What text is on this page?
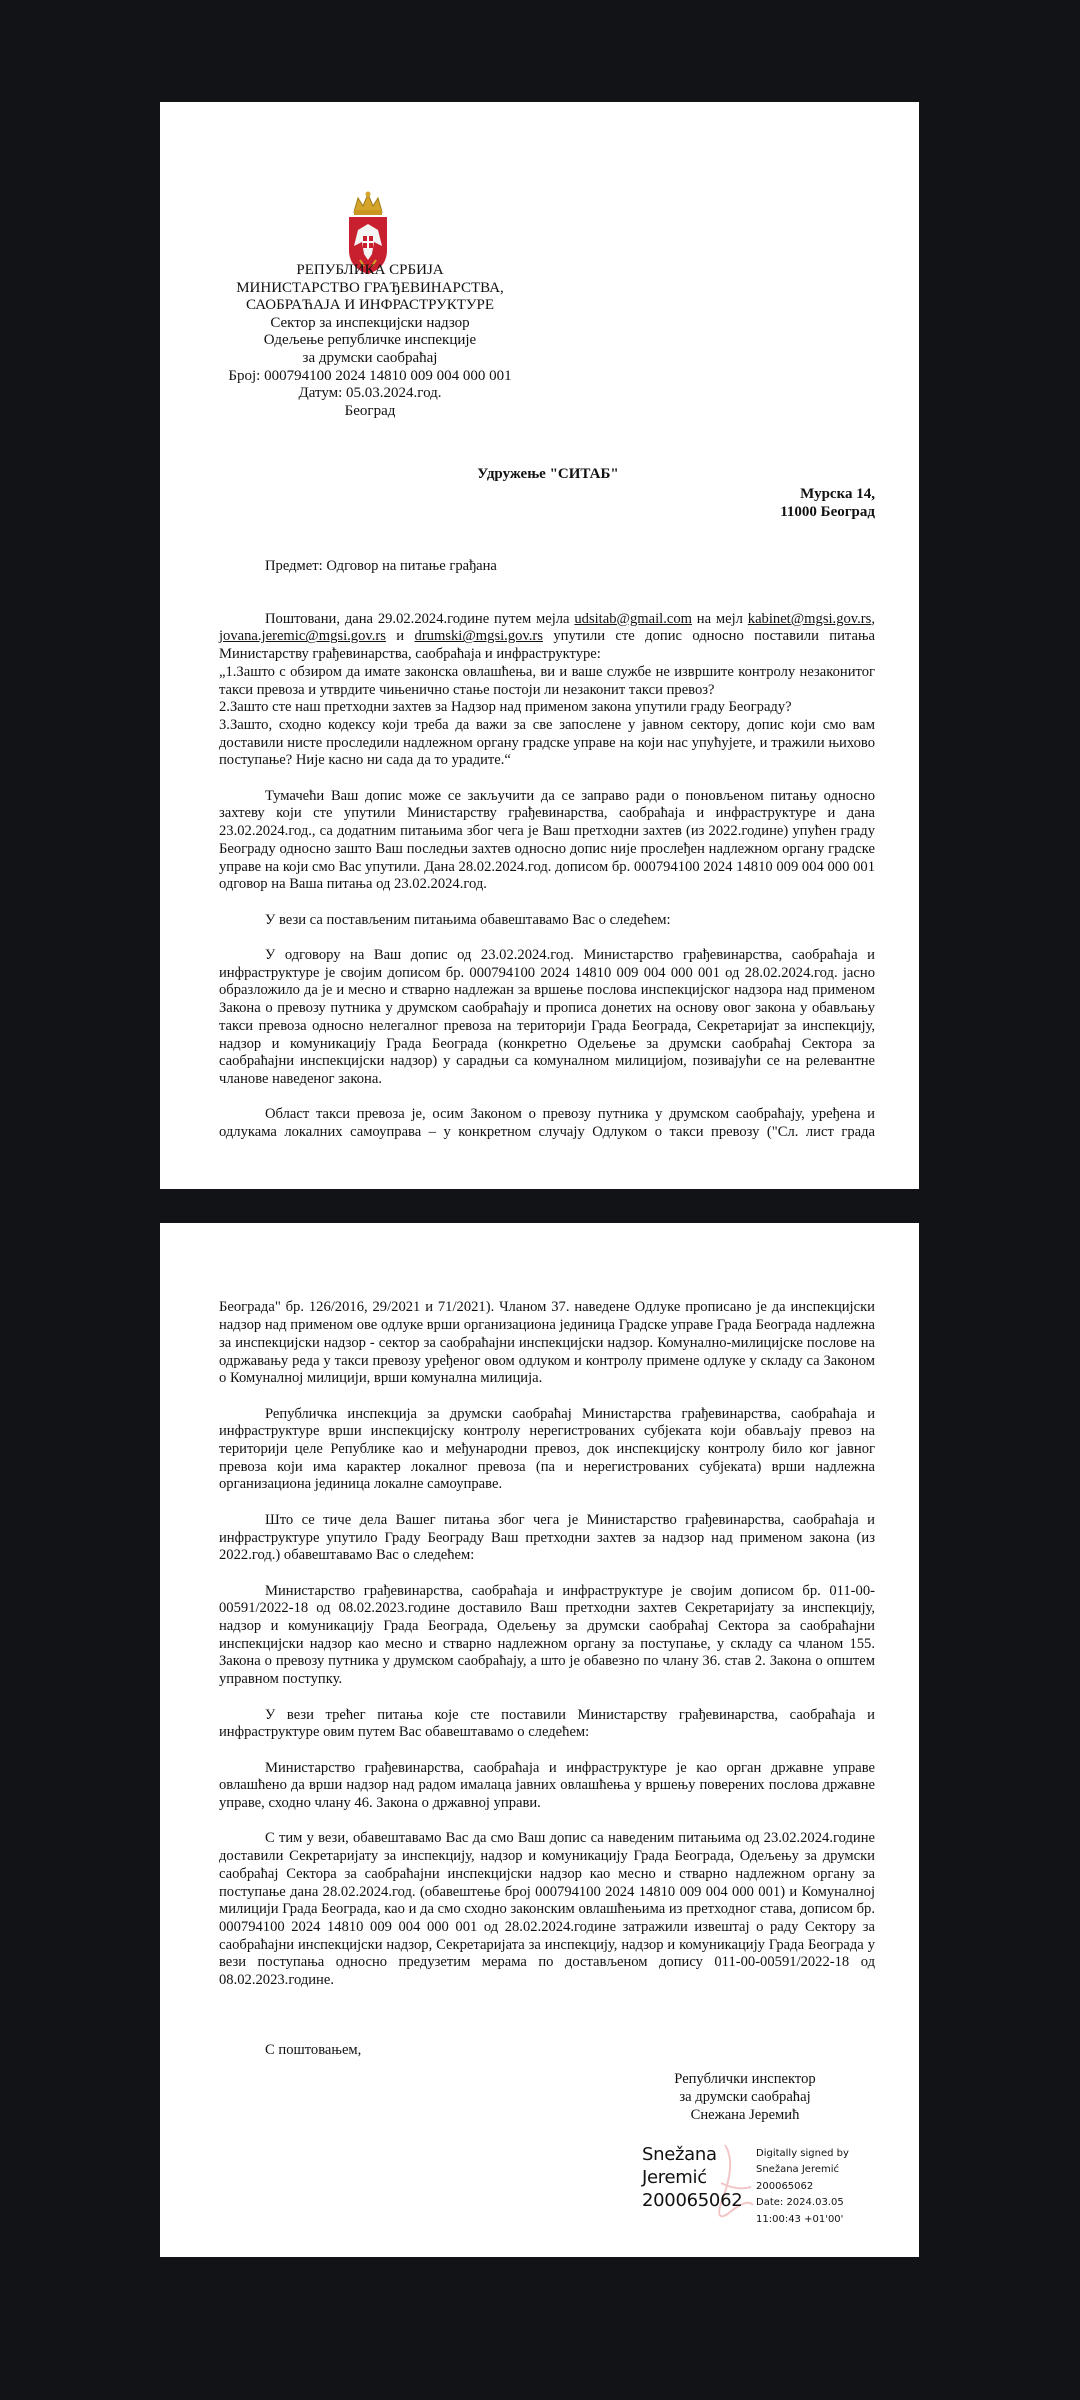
РЕПУБЛИКА СРБИЈА
МИНИСТАРСТВО ГРАЂЕВИНАРСТВА,
САОБРАЋАЈА И ИНФРАСТРУКТУРЕ
Сектор за инспекцијски надзор
Одељење републичке инспекције
за друмски саобраћај
Број: 000794100 2024 14810 009 004 000 001
Датум: 05.03.2024.год.
Београд
Удружење "СИТАБ"
Мурска 14,
11000 Београд

Предмет: Одговор на питање грађана

Поштовани, дана 29.02.2024.године путем мејла udsitab@gmail.com на мејл kabinet@mgsi.gov.rs, jovana.jeremic@mgsi.gov.rs и drumski@mgsi.gov.rs упутили сте допис односно поставили питања Министарству грађевинарства, саобраћаја и инфраструктуре:

„1.Зашто с обзиром да имате законска овлашћења, ви и ваше службе не извршите контролу незаконитог такси превоза и утврдите чињенично стање постоји ли незаконит такси превоз?
2.Зашто сте наш претходни захтев за Надзор над применом закона упутили граду Београду?
3.Зашто, сходно кодексу који треба да важи за све запослене у јавном сектору, допис који смо вам доставили нисте проследили надлежном органу градске управе на који нас упућујете, и тражили њихово поступање? Није касно ни сада да то урадите.“

Тумачећи Ваш допис може се закључити да се заправо ради о поновљеном питању односно захтеву који сте упутили Министарству грађевинарства, саобраћаја и инфраструктуре и дана 23.02.2024.год., са додатним питањима због чега је Ваш претходни захтев (из 2022.године) упућен граду Београду односно зашто Ваш последњи захтев односно допис није прослеђен надлежном органу градске управе на који смо Вас упутили. Дана 28.02.2024.год. дописом бр. 000794100 2024 14810 009 004 000 001 одговор на Ваша питања од 23.02.2024.год.

У вези са постављеним питањима обавештавамо Вас о следећем:

У одговору на Ваш допис од 23.02.2024.год. Министарство грађевинарства, саобраћаја и инфраструктуре је својим дописом бр. 000794100 2024 14810 009 004 000 001 од 28.02.2024.год. јасно образложило да је и месно и стварно надлежан за вршење послова инспекцијског надзора над применом Закона о превозу путника у друмском саобраћају и прописа донетих на основу овог закона у обављању такси превоза односно нелегалног превоза на територији Града Београда, Секретаријат за инспекцију, надзор и комуникацију Града Београда (конкретно Одељење за друмски саобраћај Сектора за саобраћајни инспекцијски надзор) у сарадњи са комуналном милицијом, позивајући се на релевантне чланове наведеног закона.

Област такси превоза је, осим Законом о превозу путника у друмском саобраћају, уређена и одлукама локалних самоуправа – у конкретном случају Одлуком о такси превозу ("Сл. лист града

Београда" бр. 126/2016, 29/2021 и 71/2021). Чланом 37. наведене Одлуке прописано је да инспекцијски надзор над применом ове одлуке врши организациона јединица Градске управе Града Београда надлежна за инспекцијски надзор - сектор за саобраћајни инспекцијски надзор. Комунално-милицијске послове на одржавању реда у такси превозу уређеног овом одлуком и контролу примене одлуке у складу са Законом о Комуналној милицији, врши комунална милиција.

Републичка инспекција за друмски саобраћај Министарства грађевинарства, саобраћаја и инфраструктуре врши инспекцијску контролу нерегистрованих субјеката који обављају превоз на територији целе Републике као и међународни превоз, док инспекцијску контролу било ког јавног превоза који има карактер локалног превоза (па и нерегистрованих субјеката) врши надлежна организациона јединица локалне самоуправе.

Што се тиче дела Вашег питања због чега је Министарство грађевинарства, саобраћаја и инфраструктуре упутило Граду Београду Ваш претходни захтев за надзор над применом закона (из 2022.год.) обавештавамо Вас о следећем:

Министарство грађевинарства, саобраћаја и инфраструктуре је својим дописом бр. 011-00-00591/2022-18 од 08.02.2023.године доставило Ваш претходни захтев Секретаријату за инспекцију, надзор и комуникацију Града Београда, Одељењу за друмски саобраћај Сектора за саобраћајни инспекцијски надзор као месно и стварно надлежном органу за поступање, у складу са чланом 155. Закона о превозу путника у друмском саобраћају, а што је обавезно по члану 36. став 2. Закона о општем управном поступку.

У вези трећег питања које сте поставили Министарству грађевинарства, саобраћаја и инфраструктуре овим путем Вас обавештавамо о следећем:

Министарство грађевинарства, саобраћаја и инфраструктуре је као орган државне управе овлашћено да врши надзор над радом ималаца јавних овлашћења у вршењу поверених послова државне управе, сходно члану 46. Закона о државној управи.

С тим у вези, обавештавамо Вас да смо Ваш допис са наведеним питањима од 23.02.2024.године доставили Секретаријату за инспекцију, надзор и комуникацију Града Београда, Одељењу за друмски саобраћај Сектора за саобраћајни инспекцијски надзор као месно и стварно надлежном органу за поступање дана 28.02.2024.год. (обавештење број 000794100 2024 14810 009 004 000 001) и Комуналној милицији Града Београда, као и да смо сходно законским овлашћењима из претходног става, дописом бр. 000794100 2024 14810 009 004 000 001 од 28.02.2024.године затражили извештај о раду Сектору за саобраћајни инспекцијски надзор, Секретаријата за инспекцију, надзор и комуникацију Града Београда у вези поступања односно предузетим мерама по достављеном допису 011-00-00591/2022-18 од 08.02.2023.године.

С поштовањем,
Републички инспектор
за друмски саобраћај
Снежана Јеремић
Snežana
Jeremić
200065062
Digitally signed by
Snežana Jeremić
200065062
Date: 2024.03.05
11:00:43 +01'00'
